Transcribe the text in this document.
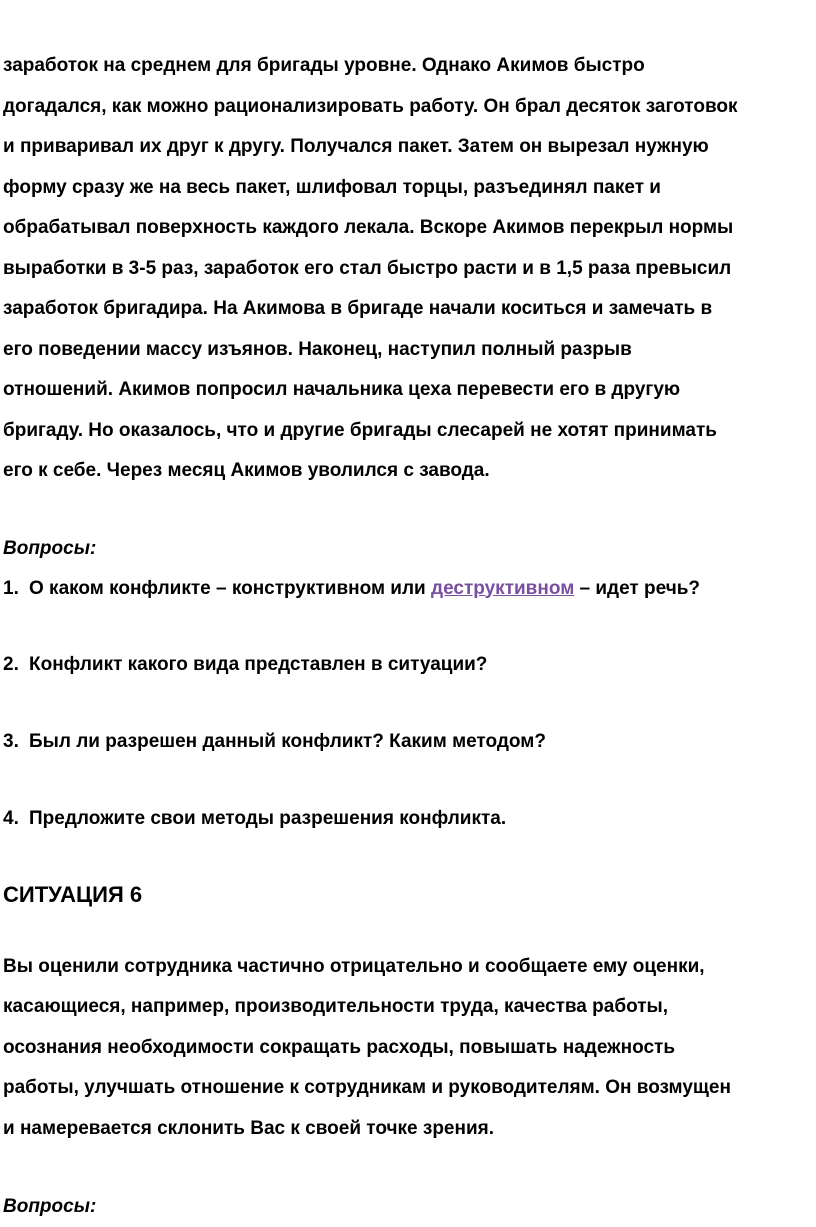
заработок на среднем для бригады уровне. Однако Акимов быстро
догадался, как можно рационализировать работу. Он брал десяток заготовок
и приваривал их друг к другу. Получался пакет. Затем он вырезал нужную
форму сразу же на весь пакет, шлифовал торцы, разъединял пакет и
обрабатывал поверхность каждого лекала. Вскоре Акимов перекрыл нормы
выработки в 3-5 раз, заработок его стал быстро расти и в 1,5 раза превысил
заработок бригадира. На Акимова в бригаде начали коситься и замечать в
его поведении массу изъянов. Наконец, наступил полный разрыв
отношений. Акимов попросил начальника цеха перевести его в другую
бригаду. Но оказалось, что и другие бригады слесарей не хотят принимать
его к себе. Через месяц Акимов уволился с завода.
Вопросы:
1. О каком конфликте – конструктивном или деструктивном – идет речь?
2. Конфликт какого вида представлен в ситуации?
3. Был ли разрешен данный конфликт? Каким методом?
4. Предложите свои методы разрешения конфликта.
СИТУАЦИЯ 6
Вы оценили сотрудника частично отрицательно и сообщаете ему оценки,
касающиеся, например, производительности труда, качества работы,
осознания необходимости сокращать расходы, повышать надежность
работы, улучшать отношение к сотрудникам и руководителям. Он возмущен
и намеревается склонить Вас к своей точке зрения.
Вопросы:
